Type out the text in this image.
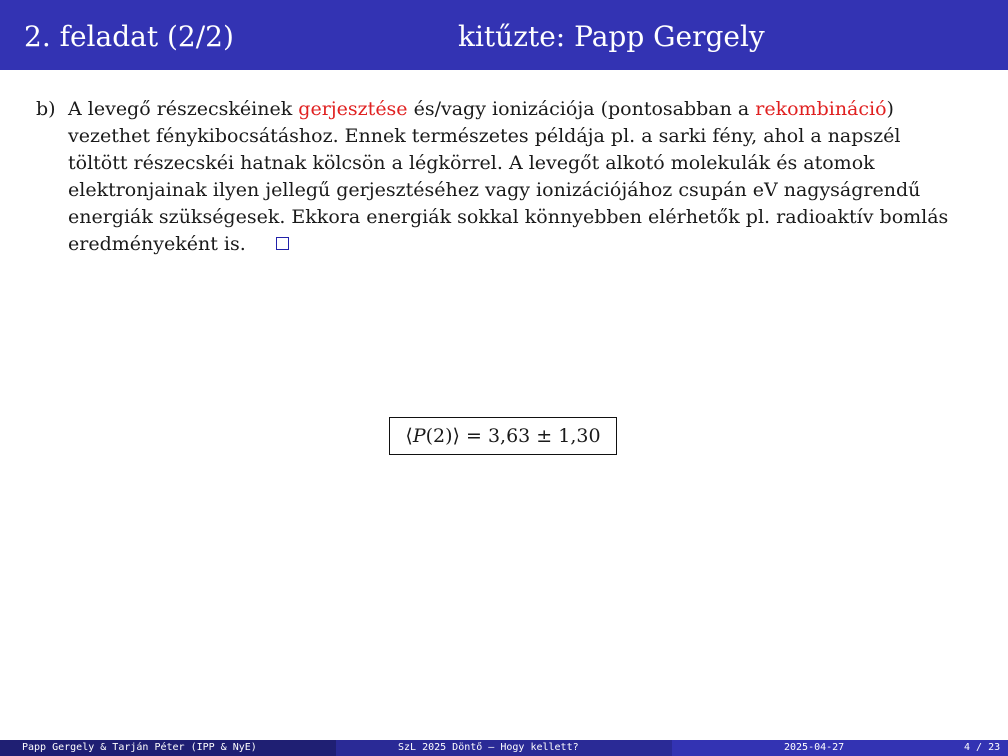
2. feladat (2/2)	kitűzte: Papp Gergely
b) A levegő részecskéinek gerjesztése és/vagy ionizációja (pontosabban a rekombináció) vezethet fénykibocsátáshoz. Ennek természetes példája pl. a sarki fény, ahol a napszél töltött részecskéi hatnak kölcsön a légkörrel. A levegőt alkotó molekulák és atomok elektronjainak ilyen jellegű gerjesztéséhez vagy ionizációjához csupán eV nagyságrendű energiák szükségesek. Ekkora energiák sokkal könnyebben elérhetők pl. radioaktív bomlás eredményeként is.
⟨ P (2) ⟩ = 3,63 ± 1,30
Papp Gergely & Tarján Péter (IPP & NyE)	SzL 2025 Döntő – Hogy kellett?	2025-04-27	4 / 23
